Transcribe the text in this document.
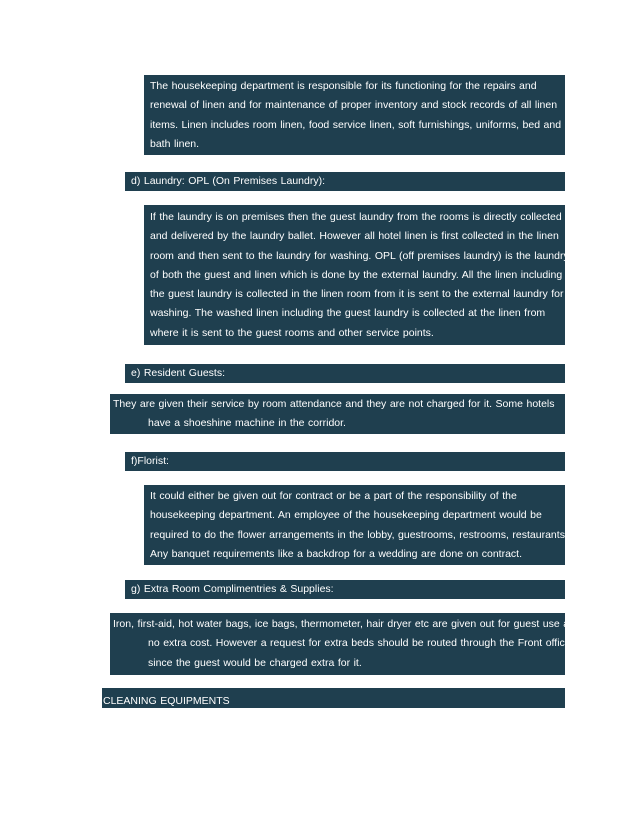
The housekeeping department is responsible for its functioning for the repairs and
renewal of linen and for maintenance of proper inventory and stock records of all linen
items. Linen includes room linen, food service linen, soft furnishings, uniforms, bed and
bath linen.
d) Laundry: OPL (On Premises Laundry):
If the laundry is on premises then the guest laundry from the rooms is directly collected
and delivered by the laundry ballet. However all hotel linen is first collected in the linen
room and then sent to the laundry for washing. OPL (off premises laundry) is the laundry
of both the guest and linen which is done by the external laundry. All the linen including
the guest laundry is collected in the linen room from it is sent to the external laundry for
washing. The washed linen including the guest laundry is collected at the linen from
where it is sent to the guest rooms and other service points.
e) Resident Guests:
They are given their service by room attendance and they are not charged for it. Some hotels
have a shoeshine machine in the corridor.
f)Florist:
It could either be given out for contract or be a part of the responsibility of the
housekeeping department. An employee of the housekeeping department would be
required to do the flower arrangements in the lobby, guestrooms, restrooms, restaurants.
Any banquet requirements like a backdrop for a wedding are done on contract.
g) Extra Room Complimentries & Supplies:
Iron, first-aid, hot water bags, ice bags, thermometer, hair dryer etc are given out for guest use at
no extra cost. However a request for extra beds should be routed through the Front office
since the guest would be charged extra for it.
CLEANING EQUIPMENTS
